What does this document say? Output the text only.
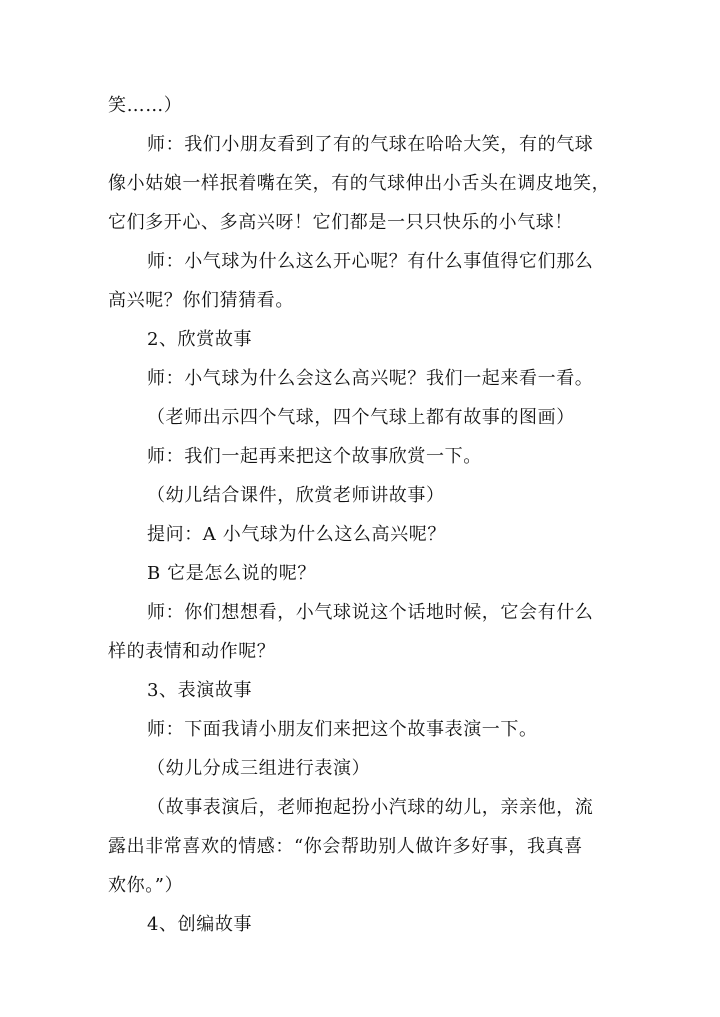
笑……）
师：我们小朋友看到了有的气球在哈哈大笑，有的气球
像小姑娘一样抿着嘴在笑，有的气球伸出小舌头在调皮地笑，
它们多开心、多高兴呀！它们都是一只只快乐的小气球！
师：小气球为什么这么开心呢？有什么事值得它们那么
高兴呢？你们猜猜看。
2、欣赏故事
师：小气球为什么会这么高兴呢？我们一起来看一看。
（老师出示四个气球，四个气球上都有故事的图画）
师：我们一起再来把这个故事欣赏一下。
（幼儿结合课件，欣赏老师讲故事）
提问：A 小气球为什么这么高兴呢？
B 它是怎么说的呢？
师：你们想想看，小气球说这个话地时候，它会有什么
样的表情和动作呢？
3、表演故事
师：下面我请小朋友们来把这个故事表演一下。
（幼儿分成三组进行表演）
（故事表演后，老师抱起扮小汽球的幼儿，亲亲他，流
露出非常喜欢的情感：“你会帮助别人做许多好事，我真喜
欢你。”）
4、创编故事
